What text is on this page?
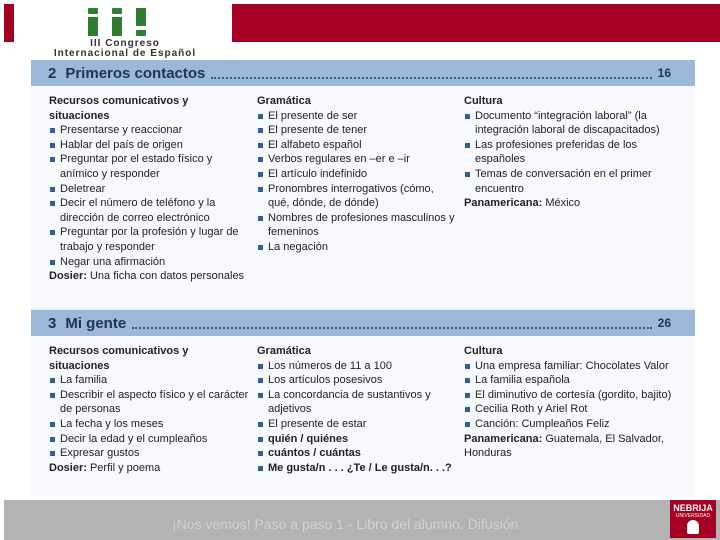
III Congreso
Internacional de Español
2 Primeros contactos	16
Recursos comunicativos y situaciones
Presentarse y reaccionar
Hablar del país de origen
Preguntar por el estado físico y anímico y responder
Deletrear
Decir el número de teléfono y la dirección de correo electrónico
Preguntar por la profesión y lugar de trabajo y responder
Negar una afirmación

Dosier: Una ficha con datos personales

Gramática
El presente de ser
El presente de tener
El alfabeto español
Verbos regulares en –er e –ir
El artículo indefinido
Pronombres interrogativos (cómo, qué, dónde, de dónde)
Nombres de profesiones masculinos y femeninos
La negación
Cultura
Documento “integración laboral” (la integración laboral de discapacitados)
Las profesiones preferidas de los españoles
Temas de conversación en el primer encuentro

Panamericana: México

3 Mi gente	26
Recursos comunicativos y situaciones
La familia
Describir el aspecto físico y el carácter de personas
La fecha y los meses
Decir la edad y el cumpleaños
Expresar gustos

Dosier: Perfil y poema

Gramática
Los números de 11 a 100
Los artículos posesivos
La concordancia de sustantivos y adjetivos
El presente de estar
quién / quiénes
cuántos / cuántas
Me gusta/n . . . ¿Te / Le gusta/n. . .?
Cultura
Una empresa familiar: Chocolates Valor
La familia española
El diminutivo de cortesía (gordito, bajito)
Cecilia Roth y Ariel Rot
Canción: Cumpleaños Feliz

Panamericana: Guatemala, El Salvador, Honduras

¡Nos vemos! Paso a paso 1 - Libro del alumno. Difusión.
NEBRIJA
UNIVERSIDAD
